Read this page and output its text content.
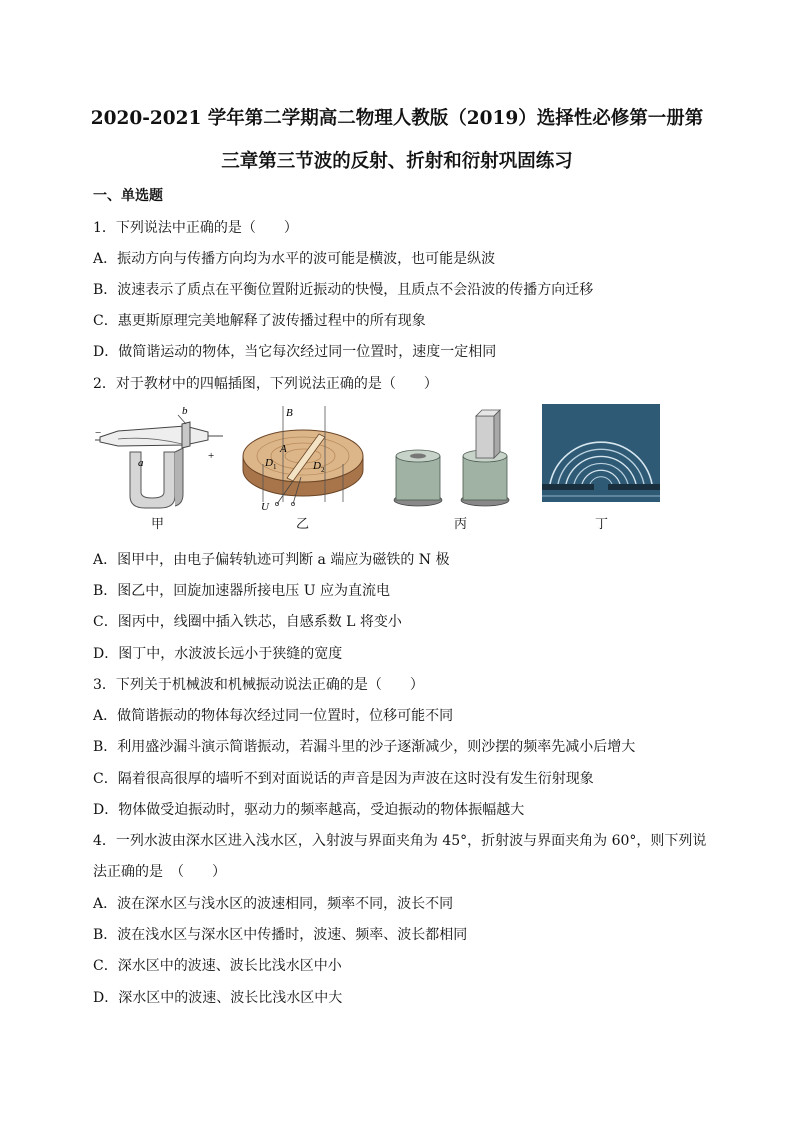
2020-2021 学年第二学期高二物理人教版（2019）选择性必修第一册第
三章第三节波的反射、折射和衍射巩固练习
一、单选题
1．下列说法中正确的是（　　）
A．振动方向与传播方向均为水平的波可能是横波，也可能是纵波
B．波速表示了质点在平衡位置附近振动的快慢，且质点不会沿波的传播方向迁移
C．惠更斯原理完美地解释了波传播过程中的所有现象
D．做简谐运动的物体，当它每次经过同一位置时，速度一定相同
2．对于教材中的四幅插图，下列说法正确的是（　　）
−
+
a
b
甲
B
A
D 1	D 2
U
乙	丙	丁
A．图甲中，由电子偏转轨迹可判断 a 端应为磁铁的 N 极
B．图乙中，回旋加速器所接电压 U 应为直流电
C．图丙中，线圈中插入铁芯，自感系数 L 将变小
D．图丁中，水波波长远小于狭缝的宽度
3．下列关于机械波和机械振动说法正确的是（　　）
A．做简谐振动的物体每次经过同一位置时，位移可能不同
B．利用盛沙漏斗演示简谐振动，若漏斗里的沙子逐渐减少，则沙摆的频率先减小后增大
C．隔着很高很厚的墙听不到对面说话的声音是因为声波在这时没有发生衍射现象
D．物体做受迫振动时，驱动力的频率越高，受迫振动的物体振幅越大
4．一列水波由深水区进入浅水区，入射波与界面夹角为 45°，折射波与界面夹角为 60°，则下列说
法正确的是　（　　）
A．波在深水区与浅水区的波速相同，频率不同，波长不同
B．波在浅水区与深水区中传播时，波速、频率、波长都相同
C．深水区中的波速、波长比浅水区中小
D．深水区中的波速、波长比浅水区中大
